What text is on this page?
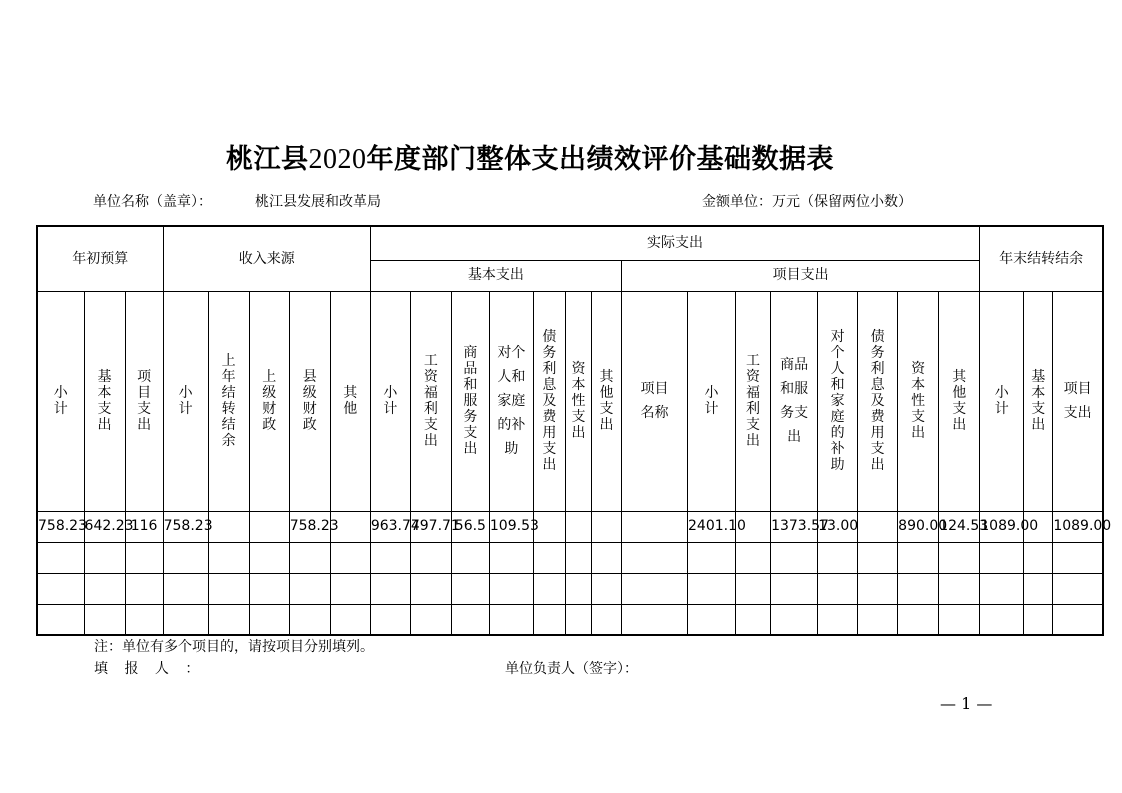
桃江县2020年度部门整体支出绩效评价基础数据表
单位名称（盖章）：	桃江县发展和改革局	金额单位：万元（保留两位小数）
年初预算			收入来源					实际支出															年末结转结余		
								基本支出							项目支出										
小计	基本支出	项目支出	小计	上年结转结余	上级财政	县级财政	其他	小计	工资福利支出	商品和服务支出	对个人和家庭的补助	债务利息及费用支出	资本性支出	其他支出	项目名称	小计	工资福利支出	商品和服务支出	对个人和家庭的补助	债务利息及费用支出	资本性支出	其他支出	小计	基本支出	项目支出
758.23	642.23	116	758.23			758.23		963.74	797.71	56.5	109.53					2401.10		1373.57	13.00		890.00	124.53	1089.00		1089.00

注：单位有多个项目的，请按项目分别填列。
填 报 人 ：	单位负责人（签字）：
— 1 —
